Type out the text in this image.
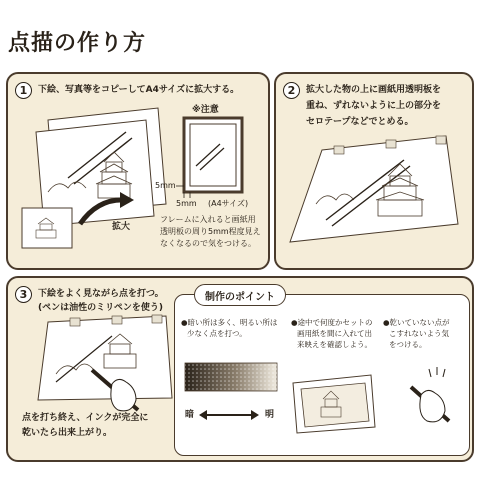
点描の作り方
1	下絵、写真等をコピーしてA4サイズに拡大する。
※注意
5mm
5mm (A4サイズ)
拡大
フレームに入れると画紙用
透明板の周り5mm程度見え
なくなるので気をつける。
2	拡大した物の上に画紙用透明板を
重ね、ずれないように上の部分を
セロテープなどでとめる。
3	下絵をよく見ながら点を打つ。
(ペンは油性のミリペンを使う)
点を打ち終え、インクが完全に
乾いたら出来上がり。
●暗い所は多く、明るい所は
少なく点を打つ。
●途中で何度かセットの
画用紙を間に入れて出
来映えを確認しよう。
●乾いていない点が
こすれないよう気
をつける。
暗	明
制作のポイント
